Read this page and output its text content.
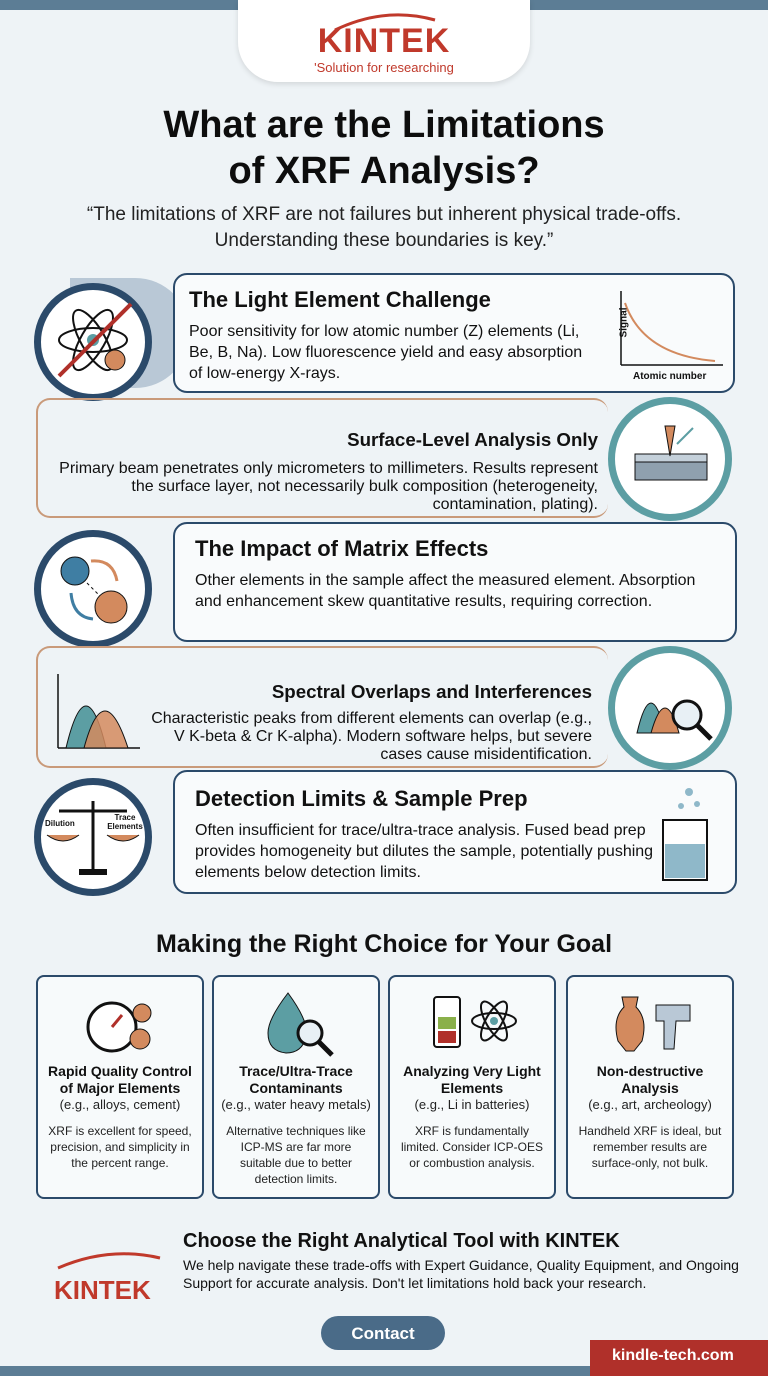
KINTEK
'Solution for researching
What are the Limitations
of XRF Analysis?
“The limitations of XRF are not failures but inherent physical trade-offs. Understanding these boundaries is key.”
The Light Element Challenge

Poor sensitivity for low atomic number (Z) elements (Li, Be, B, Na). Low fluorescence yield and easy absorption of low-energy X-rays.

Signal
Atomic number
Surface-Level Analysis Only

Primary beam penetrates only micrometers to millimeters. Results represent the surface layer, not necessarily bulk composition (heterogeneity, contamination, plating).

The Impact of Matrix Effects

Other elements in the sample affect the measured element. Absorption and enhancement skew quantitative results, requiring correction.

Spectral Overlaps and Interferences

Characteristic peaks from different elements can overlap (e.g., V K-beta & Cr K-alpha). Modern software helps, but severe cases cause misidentification.

Detection Limits & Sample Prep

Often insufficient for trace/ultra-trace analysis. Fused bead prep provides homogeneity but dilutes the sample, potentially pushing elements below detection limits.

Dilution
Trace Elements
Making the Right Choice for Your Goal
Rapid Quality Control of Major Elements
(e.g., alloys, cement)
XRF is excellent for speed, precision, and simplicity in the percent range.
Trace/Ultra-Trace Contaminants
(e.g., water heavy metals)
Alternative techniques like ICP-MS are far more suitable due to better detection limits.
Analyzing Very Light Elements
(e.g., Li in batteries)
XRF is fundamentally limited. Consider ICP-OES or combustion analysis.
Non-destructive Analysis
(e.g., art, archeology)
Handheld XRF is ideal, but remember results are surface-only, not bulk.
KINTEK
Choose the Right Analytical Tool with KINTEK
We help navigate these trade-offs with Expert Guidance, Quality Equipment, and Ongoing Support for accurate analysis. Don't let limitations hold back your research.
Contact
kindle-tech.com
